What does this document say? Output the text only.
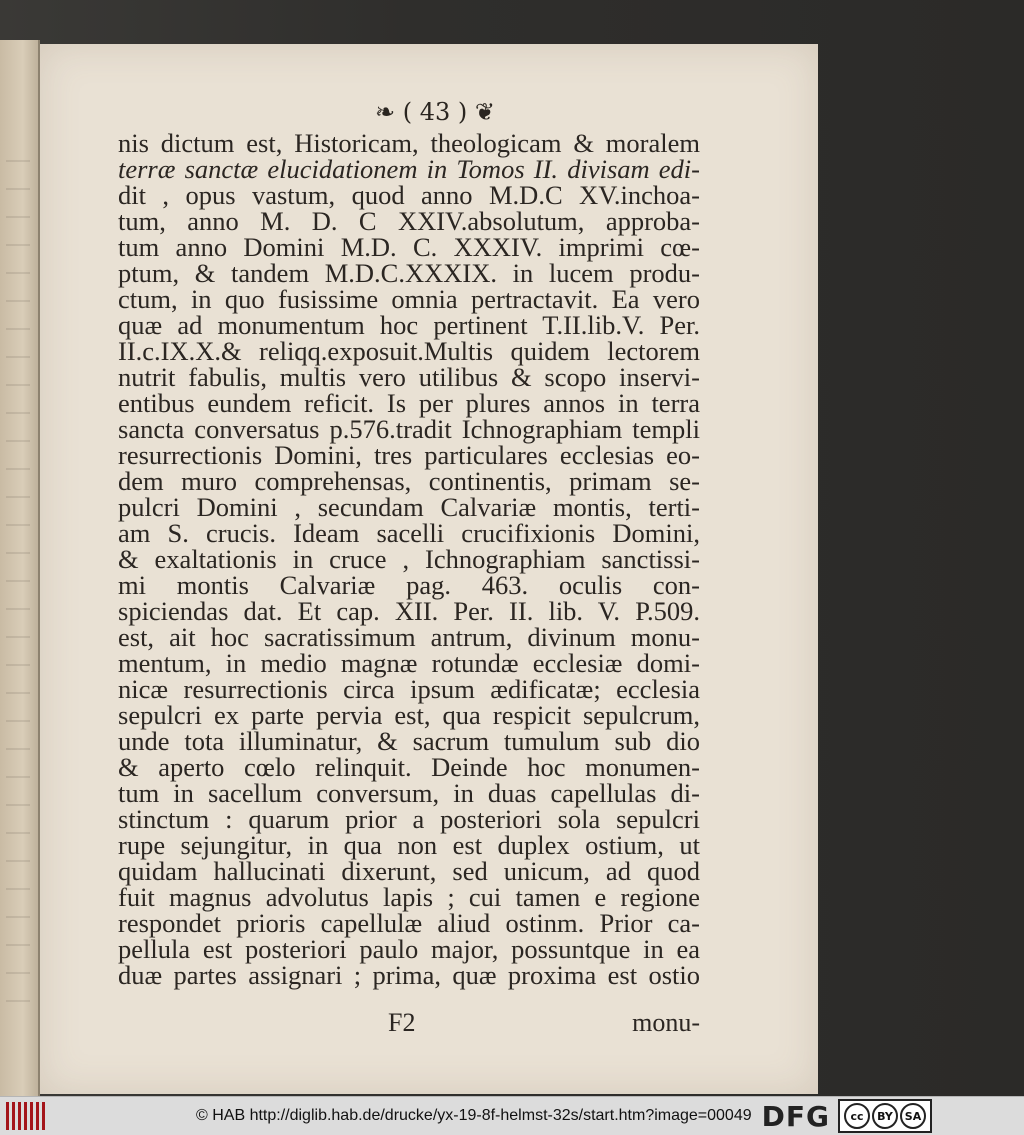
❧ ( 43 ) ❦
nis dictum est, Historicam, theologicam & moralem
terræ sanctæ elucidationem in Tomos II. divisam edi-
dit , opus vastum, quod anno M.D.C XV.inchoa-
tum, anno M. D. C XXIV.absolutum, approba-
tum anno Domini M.D. C. XXXIV. imprimi cœ-
ptum, & tandem M.D.C.XXXIX. in lucem produ-
ctum, in quo fusissime omnia pertractavit. Ea vero
quæ ad monumentum hoc pertinent T.II.lib.V. Per.
II.c.IX.X.& reliqq.exposuit.Multis quidem lectorem
nutrit fabulis, multis vero utilibus & scopo inservi-
entibus eundem reficit. Is per plures annos in terra
sancta conversatus p.576.tradit Ichnographiam templi
resurrectionis Domini, tres particulares ecclesias eo-
dem muro comprehensas, continentis, primam se-
pulcri Domini , secundam Calvariæ montis, terti-
am S. crucis. Ideam sacelli crucifixionis Domini,
& exaltationis in cruce , Ichnographiam sanctissi-
mi montis Calvariæ pag. 463. oculis con-
spiciendas dat. Et cap. XII. Per. II. lib. V. P.509.
est, ait hoc sacratissimum antrum, divinum monu-
mentum, in medio magnæ rotundæ ecclesiæ domi-
nicæ resurrectionis circa ipsum ædificatæ; ecclesia
sepulcri ex parte pervia est, qua respicit sepulcrum,
unde tota illuminatur, & sacrum tumulum sub dio
& aperto cœlo relinquit. Deinde hoc monumen-
tum in sacellum conversum, in duas capellulas di-
stinctum : quarum prior a posteriori sola sepulcri
rupe sejungitur, in qua non est duplex ostium, ut
quidam hallucinati dixerunt, sed unicum, ad quod
fuit magnus advolutus lapis ; cui tamen e regione
respondet prioris capellulæ aliud ostinm. Prior ca-
pellula est posteriori paulo major, possuntque in ea
duæ partes assignari ; prima, quæ proxima est ostio
F2	monu-
© HAB http://diglib.hab.de/drucke/yx-19-8f-helmst-32s/start.htm?image=00049 DFG	cc	BY	SA
